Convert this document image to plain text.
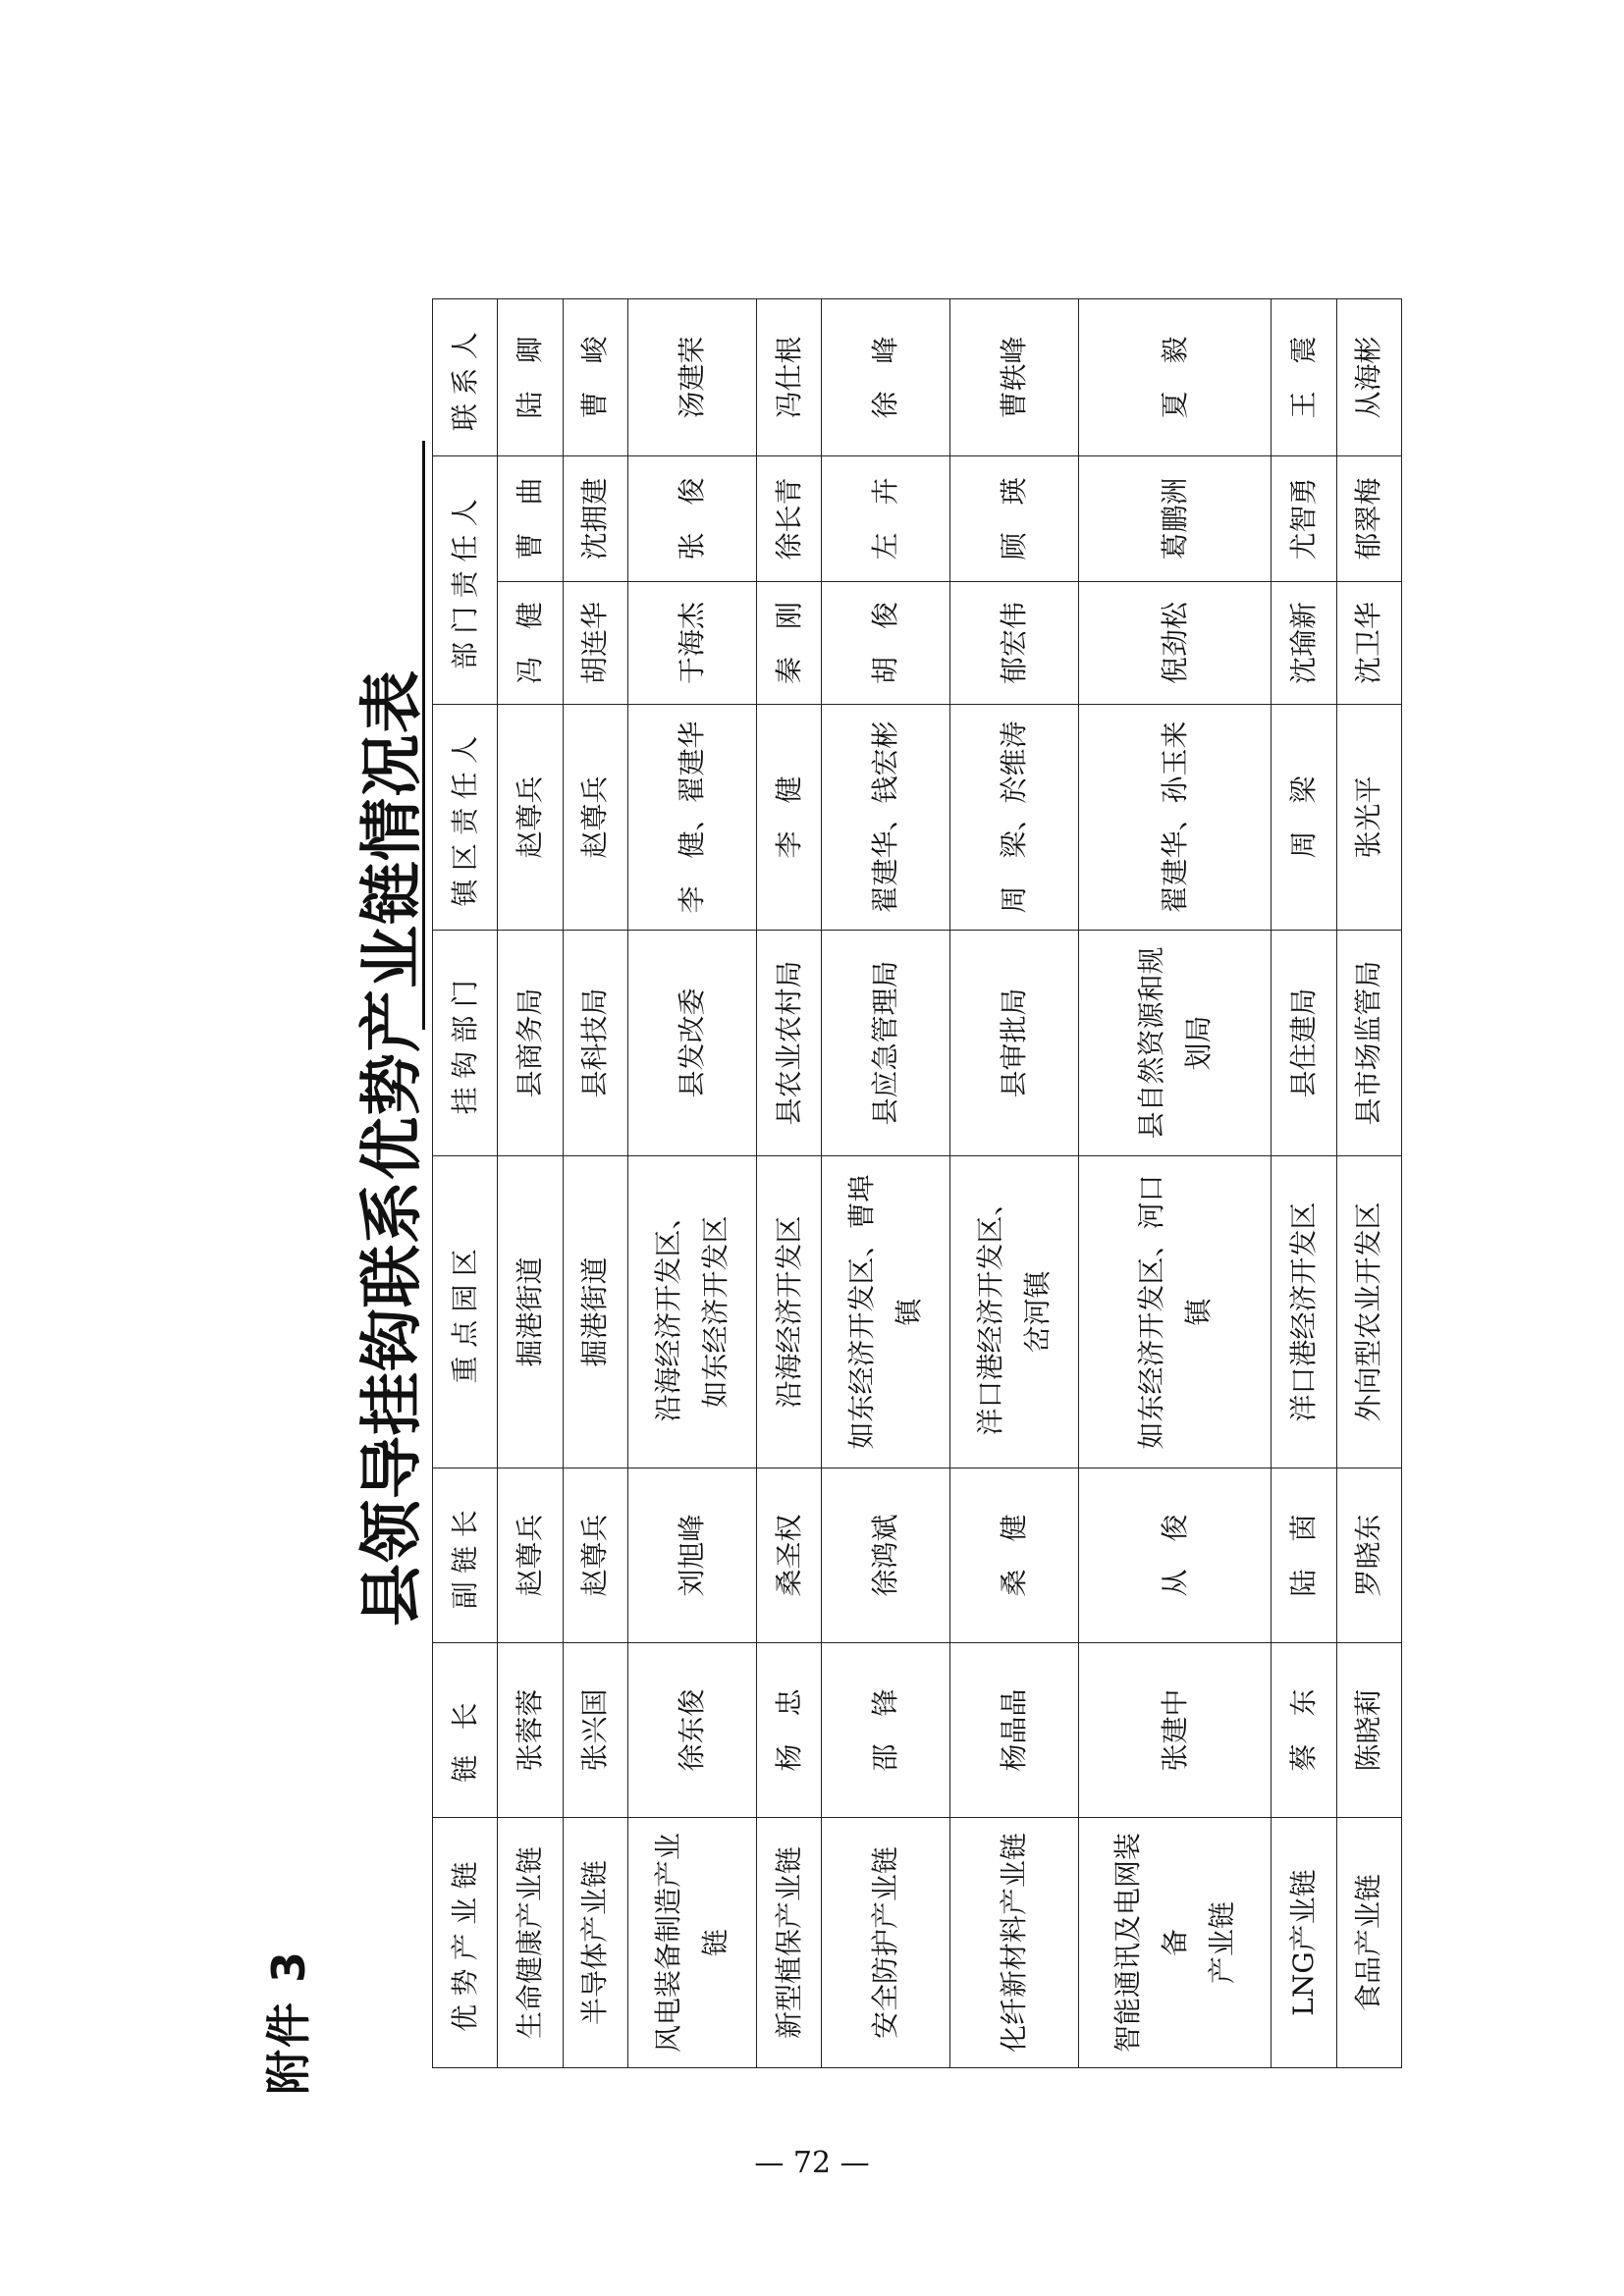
附件 3
县领导挂钩联系优势产业链情况表
优势产业链	链长	副链长	重点园区	挂钩部门	镇区责任人	部门责任人		联系人

生命健康产业链	张蓉蓉	赵尊兵	掘港街道	县商务局	赵尊兵	冯　健	曹　曲	陆　卿
半导体产业链	张兴国	赵尊兵	掘港街道	县科技局	赵尊兵	胡连华	沈拥建	曹　峻
风电装备制造产业链	徐东俊	刘旭峰	沿海经济开发区、
如东经济开发区	县发改委	李　健、翟建华	于海杰	张　俊	汤建荣
新型植保产业链	杨　忠	桑圣权	沿海经济开发区	县农业农村局	李　健	秦　刚	徐长青	冯仕根
安全防护产业链	邵　锋	徐鸿斌	如东经济开发区、曹埠镇	县应急管理局	翟建华、钱宏彬	胡　俊	左　卉	徐　峰
化纤新材料产业链	杨晶晶	桑　健	洋口港经济开发区、
岔河镇	县审批局	周　梁、於维涛	郁宏伟	顾　瑛	曹轶峰
智能通讯及电网装备
产业链	张建中	从　俊	如东经济开发区、河口镇	县自然资源和规
划局	翟建华、孙玉来	倪劲松	葛鹏洲	夏　毅
LNG产业链	蔡　东	陆　茵	洋口港经济开发区	县住建局	周　梁	沈瑜新	尤智勇	王　震
食品产业链	陈晓莉	罗晓东	外向型农业开发区	县市场监管局	张光平	沈卫华	郁翠梅	从海彬
— 72 —
